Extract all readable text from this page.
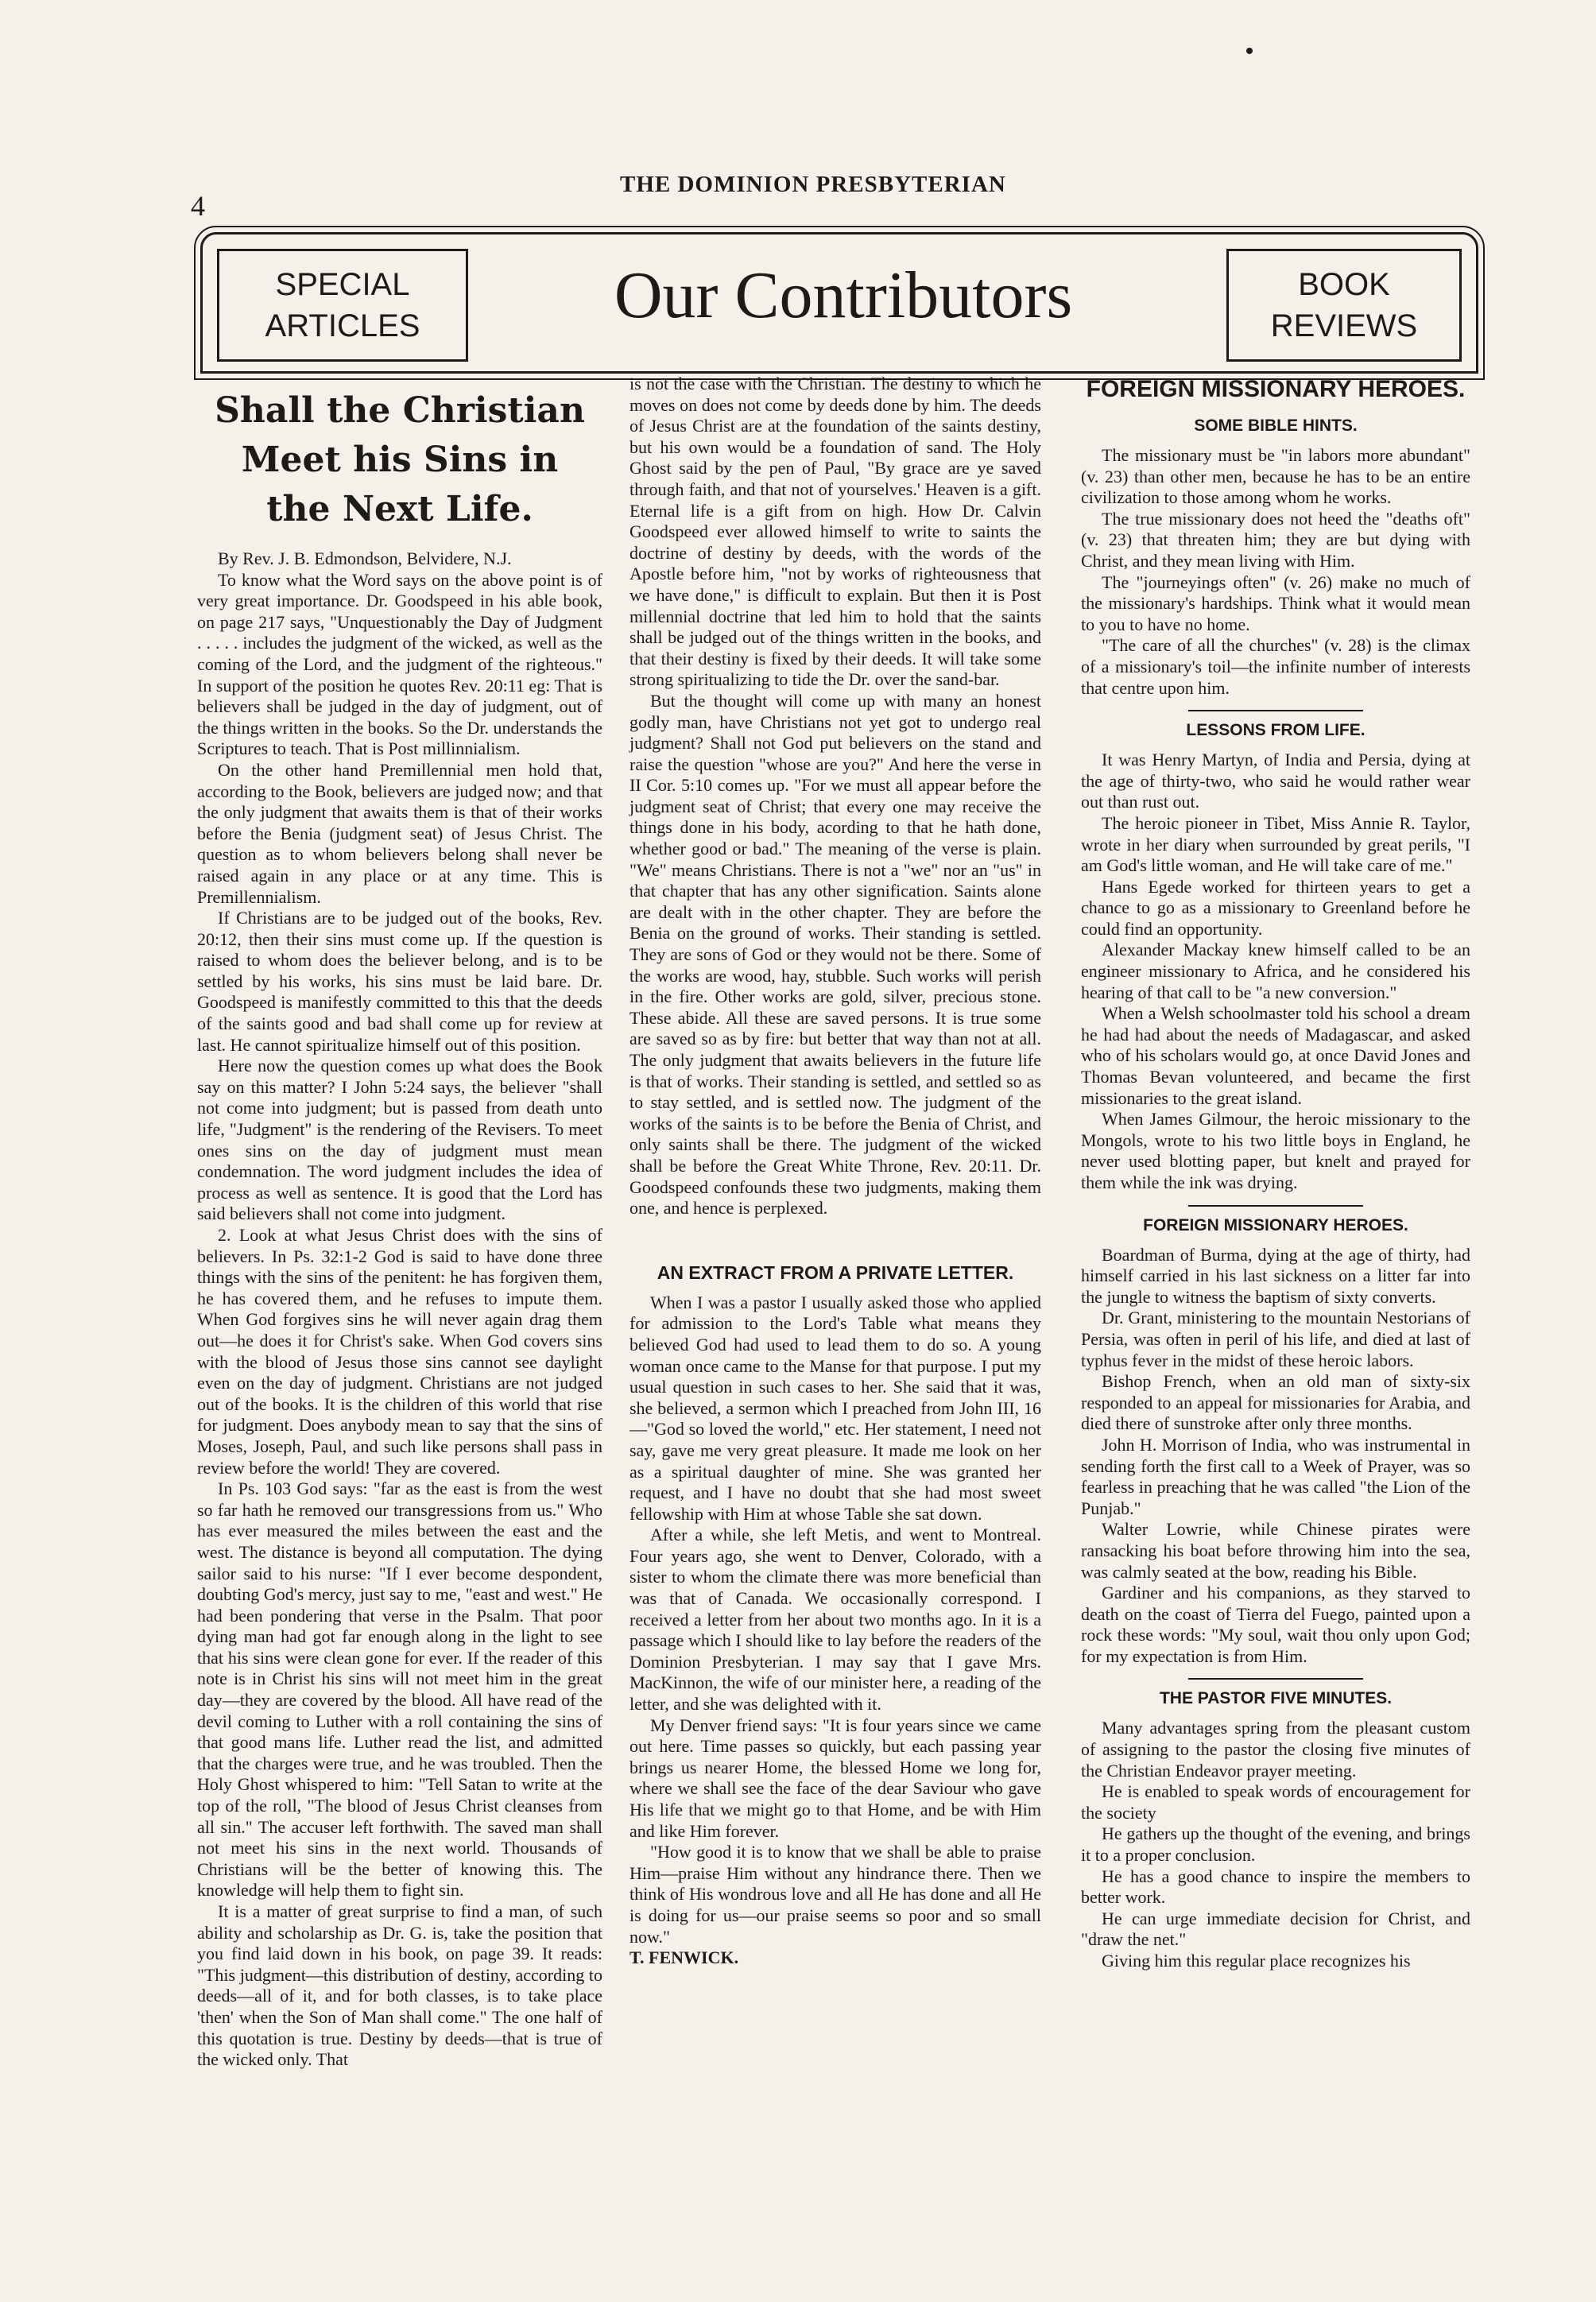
4
THE DOMINION PRESBYTERIAN
SPECIAL
ARTICLES	Our Contributors	BOOK
REVIEWS
Shall the Christian Meet his Sins in
the Next Life.

By Rev. J. B. Edmondson, Belvidere, N.J.

To know what the Word says on the above point is of very great importance. Dr. Goodspeed in his able book, on page 217 says, "Unquestionably the Day of Judgment . . . . . includes the judgment of the wicked, as well as the coming of the Lord, and the judgment of the righteous." In support of the position he quotes Rev. 20:11 eg: That is believers shall be judged in the day of judgment, out of the things written in the books. So the Dr. understands the Scriptures to teach. That is Post millinnialism.

On the other hand Premillennial men hold that, according to the Book, believers are judged now; and that the only judgment that awaits them is that of their works before the Benia (judgment seat) of Jesus Christ. The question as to whom believers belong shall never be raised again in any place or at any time. This is Premillennialism.

If Christians are to be judged out of the books, Rev. 20:12, then their sins must come up. If the question is raised to whom does the believer belong, and is to be settled by his works, his sins must be laid bare. Dr. Goodspeed is manifestly committed to this that the deeds of the saints good and bad shall come up for review at last. He cannot spiritualize himself out of this position.

Here now the question comes up what does the Book say on this matter? I John 5:24 says, the believer "shall not come into judgment; but is passed from death unto life, "Judgment" is the rendering of the Revisers. To meet ones sins on the day of judgment must mean condemnation. The word judgment includes the idea of process as well as sentence. It is good that the Lord has said believers shall not come into judgment.

2. Look at what Jesus Christ does with the sins of believers. In Ps. 32:1-2 God is said to have done three things with the sins of the penitent: he has forgiven them, he has covered them, and he refuses to impute them. When God forgives sins he will never again drag them out—he does it for Christ's sake. When God covers sins with the blood of Jesus those sins cannot see daylight even on the day of judgment. Christians are not judged out of the books. It is the children of this world that rise for judgment. Does anybody mean to say that the sins of Moses, Joseph, Paul, and such like persons shall pass in review before the world! They are covered.

In Ps. 103 God says: "far as the east is from the west so far hath he removed our transgressions from us." Who has ever measured the miles between the east and the west. The distance is beyond all computation. The dying sailor said to his nurse: "If I ever become despondent, doubting God's mercy, just say to me, "east and west." He had been pondering that verse in the Psalm. That poor dying man had got far enough along in the light to see that his sins were clean gone for ever. If the reader of this note is in Christ his sins will not meet him in the great day—they are covered by the blood. All have read of the devil coming to Luther with a roll containing the sins of that good mans life. Luther read the list, and admitted that the charges were true, and he was troubled. Then the Holy Ghost whispered to him: "Tell Satan to write at the top of the roll, "The blood of Jesus Christ cleanses from all sin." The accuser left forthwith. The saved man shall not meet his sins in the next world. Thousands of Christians will be the better of knowing this. The knowledge will help them to fight sin.

It is a matter of great surprise to find a man, of such ability and scholarship as Dr. G. is, take the position that you find laid down in his book, on page 39. It reads: "This judgment—this distribution of destiny, according to deeds—all of it, and for both classes, is to take place 'then' when the Son of Man shall come." The one half of this quotation is true. Destiny by deeds—that is true of the wicked only. That

is not the case with the Christian. The destiny to which he moves on does not come by deeds done by him. The deeds of Jesus Christ are at the foundation of the saints destiny, but his own would be a foundation of sand. The Holy Ghost said by the pen of Paul, "By grace are ye saved through faith, and that not of yourselves.' Heaven is a gift. Eternal life is a gift from on high. How Dr. Calvin Goodspeed ever allowed himself to write to saints the doctrine of destiny by deeds, with the words of the Apostle before him, "not by works of righteousness that we have done," is difficult to explain. But then it is Post millennial doctrine that led him to hold that the saints shall be judged out of the things written in the books, and that their destiny is fixed by their deeds. It will take some strong spiritualizing to tide the Dr. over the sand-bar.

But the thought will come up with many an honest godly man, have Christians not yet got to undergo real judgment? Shall not God put believers on the stand and raise the question "whose are you?" And here the verse in II Cor. 5:10 comes up. "For we must all appear before the judgment seat of Christ; that every one may receive the things done in his body, acording to that he hath done, whether good or bad." The meaning of the verse is plain. "We" means Christians. There is not a "we" nor an "us" in that chapter that has any other signification. Saints alone are dealt with in the other chapter. They are before the Benia on the ground of works. Their standing is settled. They are sons of God or they would not be there. Some of the works are wood, hay, stubble. Such works will perish in the fire. Other works are gold, silver, precious stone. These abide. All these are saved persons. It is true some are saved so as by fire: but better that way than not at all. The only judgment that awaits believers in the future life is that of works. Their standing is settled, and settled so as to stay settled, and is settled now. The judgment of the works of the saints is to be before the Benia of Christ, and only saints shall be there. The judgment of the wicked shall be before the Great White Throne, Rev. 20:11. Dr. Goodspeed confounds these two judgments, making them one, and hence is perplexed.

AN EXTRACT FROM A PRIVATE LETTER.

When I was a pastor I usually asked those who applied for admission to the Lord's Table what means they believed God had used to lead them to do so. A young woman once came to the Manse for that purpose. I put my usual question in such cases to her. She said that it was, she believed, a sermon which I preached from John III, 16—"God so loved the world," etc. Her statement, I need not say, gave me very great pleasure. It made me look on her as a spiritual daughter of mine. She was granted her request, and I have no doubt that she had most sweet fellowship with Him at whose Table she sat down.

After a while, she left Metis, and went to Montreal. Four years ago, she went to Denver, Colorado, with a sister to whom the climate there was more beneficial than was that of Canada. We occasionally correspond. I received a letter from her about two months ago. In it is a passage which I should like to lay before the readers of the Dominion Presbyterian. I may say that I gave Mrs. MacKinnon, the wife of our minister here, a reading of the letter, and she was delighted with it.

My Denver friend says: "It is four years since we came out here. Time passes so quickly, but each passing year brings us nearer Home, the blessed Home we long for, where we shall see the face of the dear Saviour who gave His life that we might go to that Home, and be with Him and like Him forever.

"How good it is to know that we shall be able to praise Him—praise Him without any hindrance there. Then we think of His wondrous love and all He has done and all He is doing for us—our praise seems so poor and so small now."

T. FENWICK.

FOREIGN MISSIONARY HEROES.
SOME BIBLE HINTS.

The missionary must be "in labors more abundant" (v. 23) than other men, because he has to be an entire civilization to those among whom he works.

The true missionary does not heed the "deaths oft" (v. 23) that threaten him; they are but dying with Christ, and they mean living with Him.

The "journeyings often" (v. 26) make no much of the missionary's hardships. Think what it would mean to you to have no home.

"The care of all the churches" (v. 28) is the climax of a missionary's toil—the infinite number of interests that centre upon him.

LESSONS FROM LIFE.

It was Henry Martyn, of India and Persia, dying at the age of thirty-two, who said he would rather wear out than rust out.

The heroic pioneer in Tibet, Miss Annie R. Taylor, wrote in her diary when surrounded by great perils, "I am God's little woman, and He will take care of me."

Hans Egede worked for thirteen years to get a chance to go as a missionary to Greenland before he could find an opportunity.

Alexander Mackay knew himself called to be an engineer missionary to Africa, and he considered his hearing of that call to be "a new conversion."

When a Welsh schoolmaster told his school a dream he had had about the needs of Madagascar, and asked who of his scholars would go, at once David Jones and Thomas Bevan volunteered, and became the first missionaries to the great island.

When James Gilmour, the heroic missionary to the Mongols, wrote to his two little boys in England, he never used blotting paper, but knelt and prayed for them while the ink was drying.

FOREIGN MISSIONARY HEROES.

Boardman of Burma, dying at the age of thirty, had himself carried in his last sickness on a litter far into the jungle to witness the baptism of sixty converts.

Dr. Grant, ministering to the mountain Nestorians of Persia, was often in peril of his life, and died at last of typhus fever in the midst of these heroic labors.

Bishop French, when an old man of sixty-six responded to an appeal for missionaries for Arabia, and died there of sunstroke after only three months.

John H. Morrison of India, who was instrumental in sending forth the first call to a Week of Prayer, was so fearless in preaching that he was called "the Lion of the Punjab."

Walter Lowrie, while Chinese pirates were ransacking his boat before throwing him into the sea, was calmly seated at the bow, reading his Bible.

Gardiner and his companions, as they starved to death on the coast of Tierra del Fuego, painted upon a rock these words: "My soul, wait thou only upon God; for my expectation is from Him.

THE PASTOR FIVE MINUTES.

Many advantages spring from the pleasant custom of assigning to the pastor the closing five minutes of the Christian Endeavor prayer meeting.

He is enabled to speak words of encouragement for the society

He gathers up the thought of the evening, and brings it to a proper conclusion.

He has a good chance to inspire the members to better work.

He can urge immediate decision for Christ, and "draw the net."

Giving him this regular place recognizes his
